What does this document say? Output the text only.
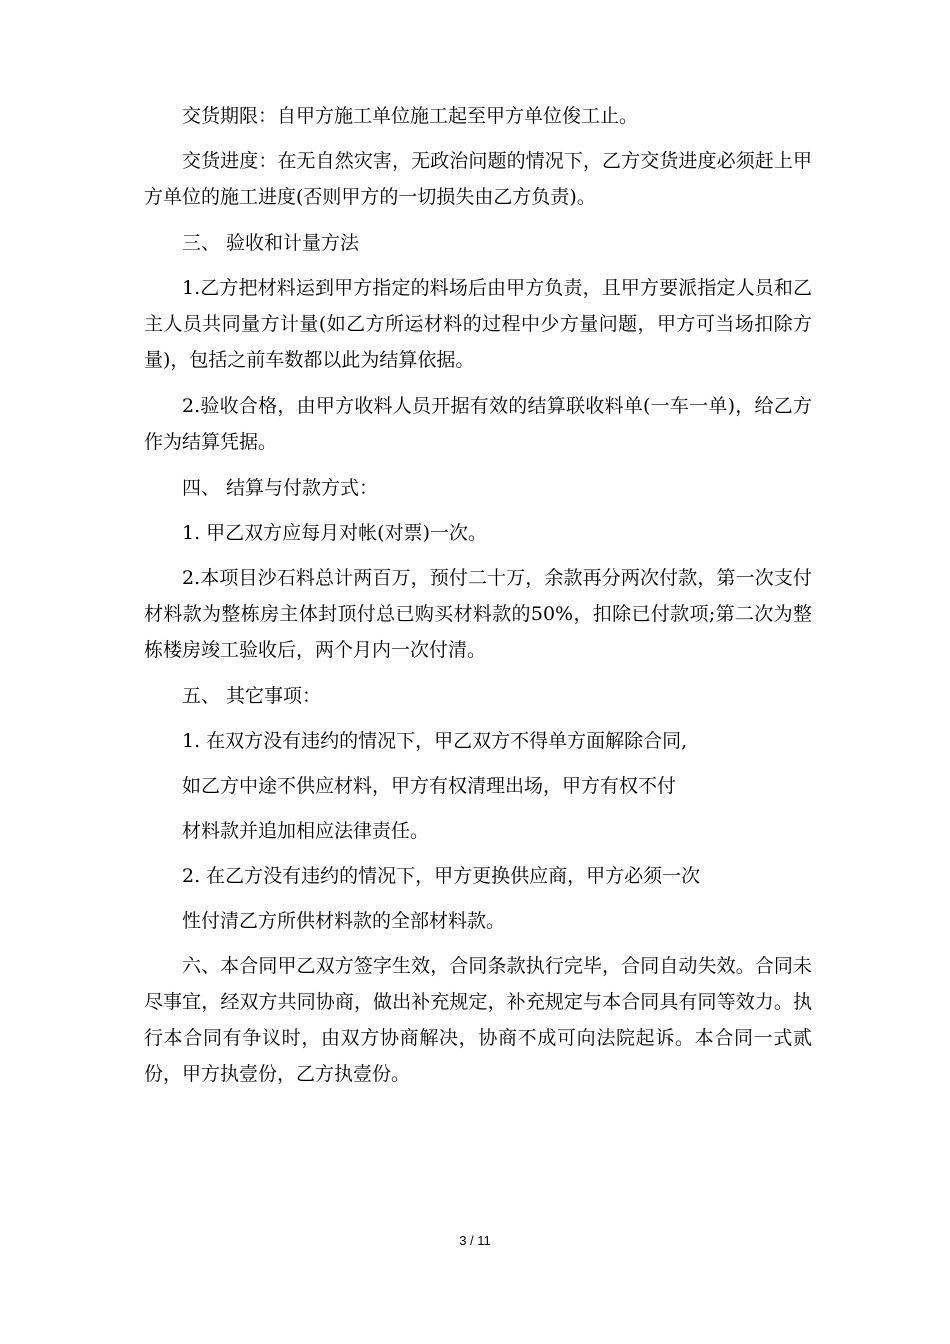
交货期限：自甲方施工单位施工起至甲方单位俊工止。

交货进度：在无自然灾害，无政治问题的情况下，乙方交货进度必须赶上甲方单位的施工进度(否则甲方的一切损失由乙方负责)。

三、 验收和计量方法

1.乙方把材料运到甲方指定的料场后由甲方负责，且甲方要派指定人员和乙主人员共同量方计量(如乙方所运材料的过程中少方量问题，甲方可当场扣除方量)，包括之前车数都以此为结算依据。

2.验收合格，由甲方收料人员开据有效的结算联收料单(一车一单)，给乙方作为结算凭据。

四、 结算与付款方式：

1. 甲乙双方应每月对帐(对票)一次。

2.本项目沙石料总计两百万，预付二十万，余款再分两次付款，第一次支付材料款为整栋房主体封顶付总已购买材料款的50%，扣除已付款项;第二次为整栋楼房竣工验收后，两个月内一次付清。

五、 其它事项：

1. 在双方没有违约的情况下，甲乙双方不得单方面解除合同,

如乙方中途不供应材料，甲方有权清理出场，甲方有权不付

材料款并追加相应法律责任。

2. 在乙方没有违约的情况下，甲方更换供应商，甲方必须一次

性付清乙方所供材料款的全部材料款。

六、本合同甲乙双方签字生效，合同条款执行完毕，合同自动失效。合同未尽事宜，经双方共同协商，做出补充规定，补充规定与本合同具有同等效力。执行本合同有争议时，由双方协商解决，协商不成可向法院起诉。本合同一式贰份，甲方执壹份，乙方执壹份。

3 / 11
